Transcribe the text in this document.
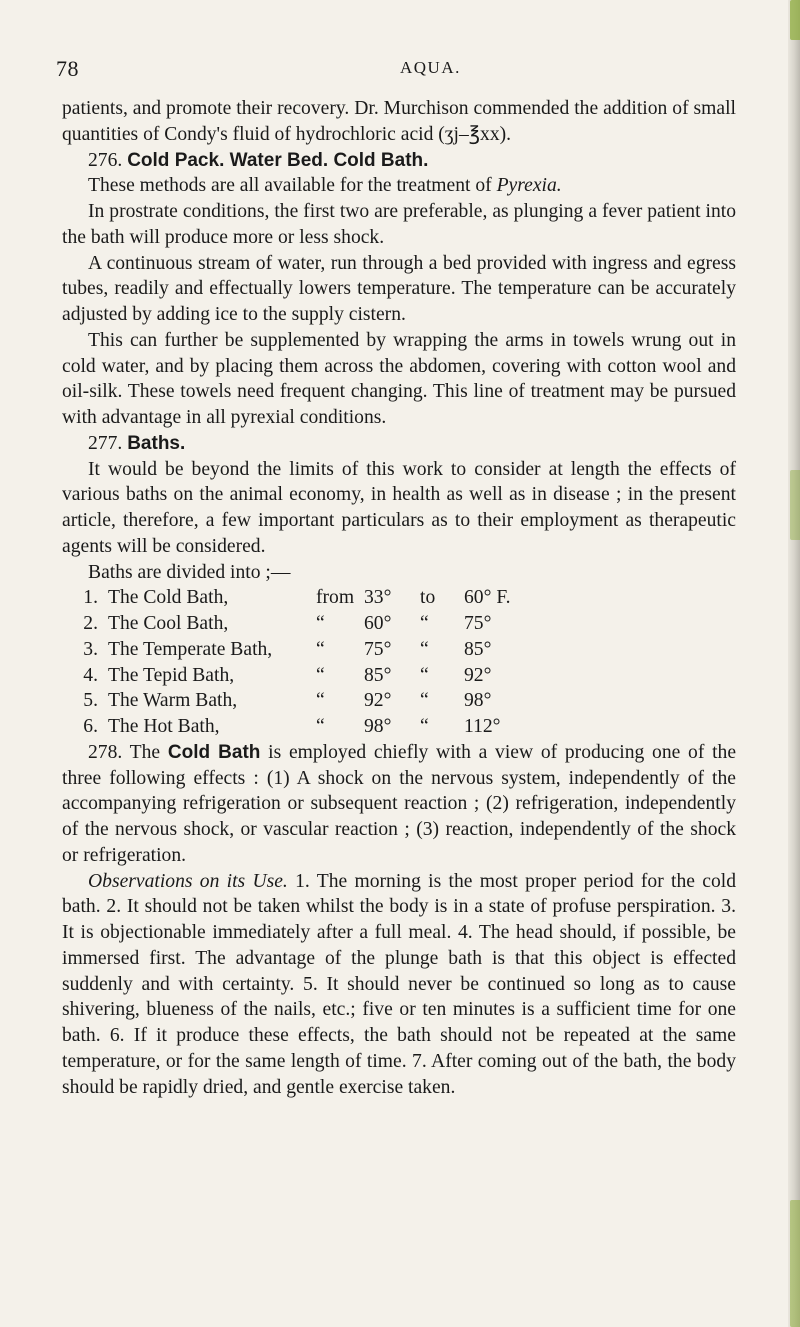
78	AQUA.

patients, and promote their recovery. Dr. Murchison commended the addition of small quantities of Condy's fluid of hydrochloric acid (ʒj–℥xx).

276. Cold Pack. Water Bed. Cold Bath.

These methods are all available for the treatment of Pyrexia.

In prostrate conditions, the first two are preferable, as plunging a fever patient into the bath will produce more or less shock.

A continuous stream of water, run through a bed provided with ingress and egress tubes, readily and effectually lowers temperature. The temperature can be accurately adjusted by adding ice to the supply cistern.

This can further be supplemented by wrapping the arms in towels wrung out in cold water, and by placing them across the abdomen, covering with cotton wool and oil-silk. These towels need frequent changing. This line of treatment may be pursued with advantage in all pyrexial conditions.

277. Baths.

It would be beyond the limits of this work to consider at length the effects of various baths on the animal economy, in health as well as in disease ; in the present article, therefore, a few important particulars as to their employment as therapeutic agents will be considered.

Baths are divided into ;—

1. The Cold Bath,	from 33°	to	60° F.
2. The Cool Bath,	“	60°	“	75°
3. The Temperate Bath,	“	75°	“	85°
4. The Tepid Bath,	“	85°	“	92°
5. The Warm Bath,	“	92°	“	98°
6. The Hot Bath,	“	98°	“	112°

278. The Cold Bath is employed chiefly with a view of producing one of the three following effects : (1) A shock on the nervous system, independently of the accompanying refrigeration or subsequent reaction ; (2) refrigeration, independently of the nervous shock, or vascular reaction ; (3) reaction, independently of the shock or refrigeration.

Observations on its Use. 1. The morning is the most proper period for the cold bath. 2. It should not be taken whilst the body is in a state of profuse perspiration. 3. It is objectionable immediately after a full meal. 4. The head should, if possible, be immersed first. The advantage of the plunge bath is that this object is effected suddenly and with certainty. 5. It should never be continued so long as to cause shivering, blueness of the nails, etc.; five or ten minutes is a sufficient time for one bath. 6. If it produce these effects, the bath should not be repeated at the same temperature, or for the same length of time. 7. After coming out of the bath, the body should be rapidly dried, and gentle exercise taken.
